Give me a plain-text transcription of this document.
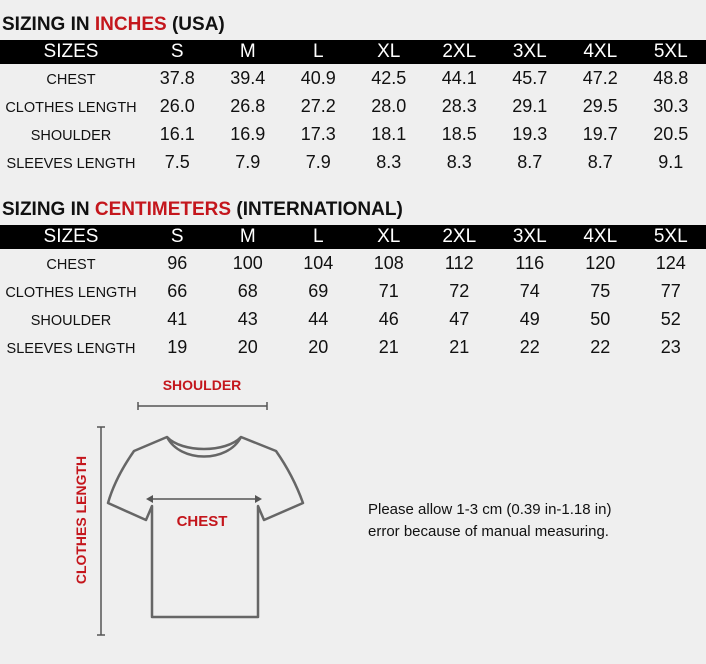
SIZING IN INCHES (USA)
SIZES	S	M	L	XL	2XL	3XL	4XL	5XL
CHEST	37.8	39.4	40.9	42.5	44.1	45.7	47.2	48.8
CLOTHES LENGTH	26.0	26.8	27.2	28.0	28.3	29.1	29.5	30.3
SHOULDER	16.1	16.9	17.3	18.1	18.5	19.3	19.7	20.5
SLEEVES LENGTH	7.5	7.9	7.9	8.3	8.3	8.7	8.7	9.1
SIZING IN CENTIMETERS (INTERNATIONAL)
SIZES	S	M	L	XL	2XL	3XL	4XL	5XL
CHEST	96	100	104	108	112	116	120	124
CLOTHES LENGTH	66	68	69	71	72	74	75	77
SHOULDER	41	43	44	46	47	49	50	52
SLEEVES LENGTH	19	20	20	21	21	22	22	23
SHOULDER
CLOTHES LENGTH	CHEST
Please allow 1-3 cm (0.39 in-1.18 in)
error because of manual measuring.
